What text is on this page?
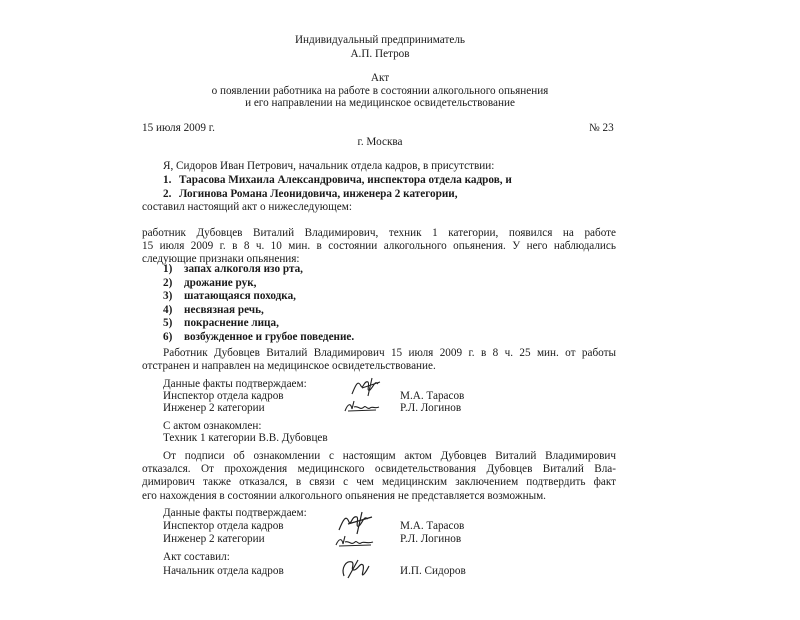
Индивидуальный предприниматель
А.П. Петров
Акт
о появлении работника на работе в состоянии алкогольного опьянения
и его направлении на медицинское освидетельствование
15 июля 2009 г.	№ 23
г. Москва
Я, Сидоров Иван Петрович, начальник отдела кадров, в присутствии:
1. Тарасова Михаила Александровича, инспектора отдела кадров, и
2. Логинова Романа Леонидовича, инженера 2 категории,
составил настоящий акт о нижеследующем:
работник Дубовцев Виталий Владимирович, техник 1 категории, появился на работе
15 июля 2009 г. в 8 ч. 10 мин. в состоянии алкогольного опьянения. У него наблюдались
следующие признаки опьянения:
1) запах алкоголя изо рта,
2) дрожание рук,
3) шатающаяся походка,
4) несвязная речь,
5) покраснение лица,
6) возбужденное и грубое поведение.
Работник Дубовцев Виталий Владимирович 15 июля 2009 г. в 8 ч. 25 мин. от работы
отстранен и направлен на медицинское освидетельствование.
Данные факты подтверждаем:
Инспектор отдела кадров	М.А. Тарасов
Инженер 2 категории	Р.Л. Логинов
С актом ознакомлен:
Техник 1 категории В.В. Дубовцев
От подписи об ознакомлении с настоящим актом Дубовцев Виталий Владимирович
отказался. От прохождения медицинского освидетельствования Дубовцев Виталий Вла-
димирович также отказался, в связи с чем медицинским заключением подтвердить факт
его нахождения в состоянии алкогольного опьянения не представляется возможным.
Данные факты подтверждаем:
Инспектор отдела кадров	М.А. Тарасов
Инженер 2 категории	Р.Л. Логинов
Акт составил:
Начальник отдела кадров	И.П. Сидоров
